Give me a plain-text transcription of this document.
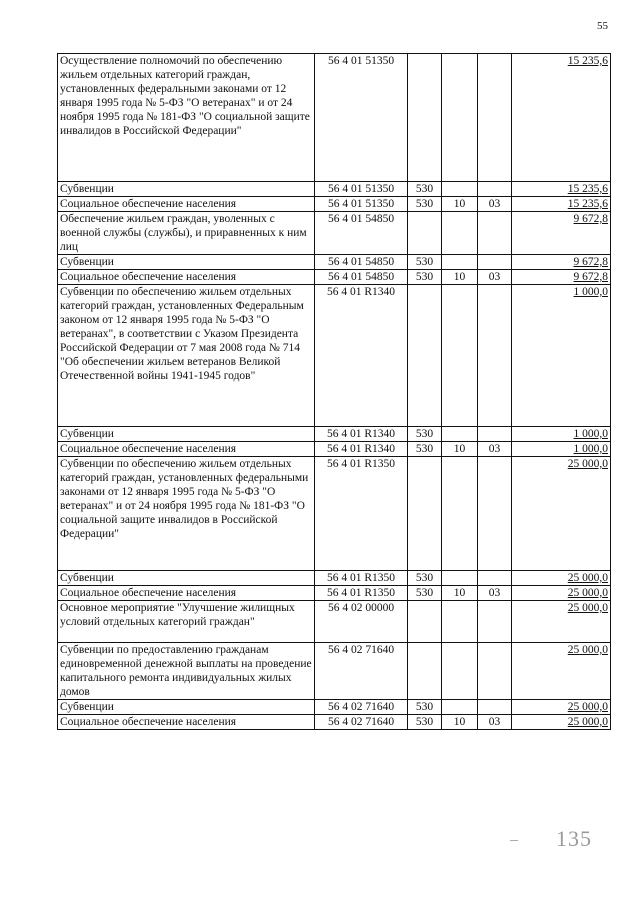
55
Осуществление полномочий по обеспечению жильем отдельных категорий граждан, установленных федеральными законами от 12 января 1995 года № 5-ФЗ "О ветеранах" и от 24 ноября 1995 года № 181-ФЗ "О социальной защите инвалидов в Российской Федерации"	56 4 01 51350				15 235,6
Субвенции	56 4 01 51350	530			15 235,6
Социальное обеспечение населения	56 4 01 51350	530	10	03	15 235,6
Обеспечение жильем граждан, уволенных с военной службы (службы), и приравненных к ним лиц	56 4 01 54850				9 672,8
Субвенции	56 4 01 54850	530			9 672,8
Социальное обеспечение населения	56 4 01 54850	530	10	03	9 672,8
Субвенции по обеспечению жильем отдельных категорий граждан, установленных Федеральным законом от 12 января 1995 года № 5-ФЗ "О ветеранах", в соответствии с Указом Президента Российской Федерации от 7 мая 2008 года № 714 "Об обеспечении жильем ветеранов Великой Отечественной войны 1941-1945 годов"	56 4 01 R1340				1 000,0
Субвенции	56 4 01 R1340	530			1 000,0
Социальное обеспечение населения	56 4 01 R1340	530	10	03	1 000,0
Субвенции по обеспечению жильем отдельных категорий граждан, установленных федеральными законами от 12 января 1995 года № 5-ФЗ "О ветеранах" и от 24 ноября 1995 года № 181-ФЗ "О социальной защите инвалидов в Российской Федерации"	56 4 01 R1350				25 000,0
Субвенции	56 4 01 R1350	530			25 000,0
Социальное обеспечение населения	56 4 01 R1350	530	10	03	25 000,0
Основное мероприятие "Улучшение жилищных условий отдельных категорий граждан"	56 4 02 00000				25 000,0
Субвенции по предоставлению гражданам единовременной денежной выплаты на проведение капитального ремонта индивидуальных жилых домов	56 4 02 71640				25 000,0
Субвенции	56 4 02 71640	530			25 000,0
Социальное обеспечение населения	56 4 02 71640	530	10	03	25 000,0
135
